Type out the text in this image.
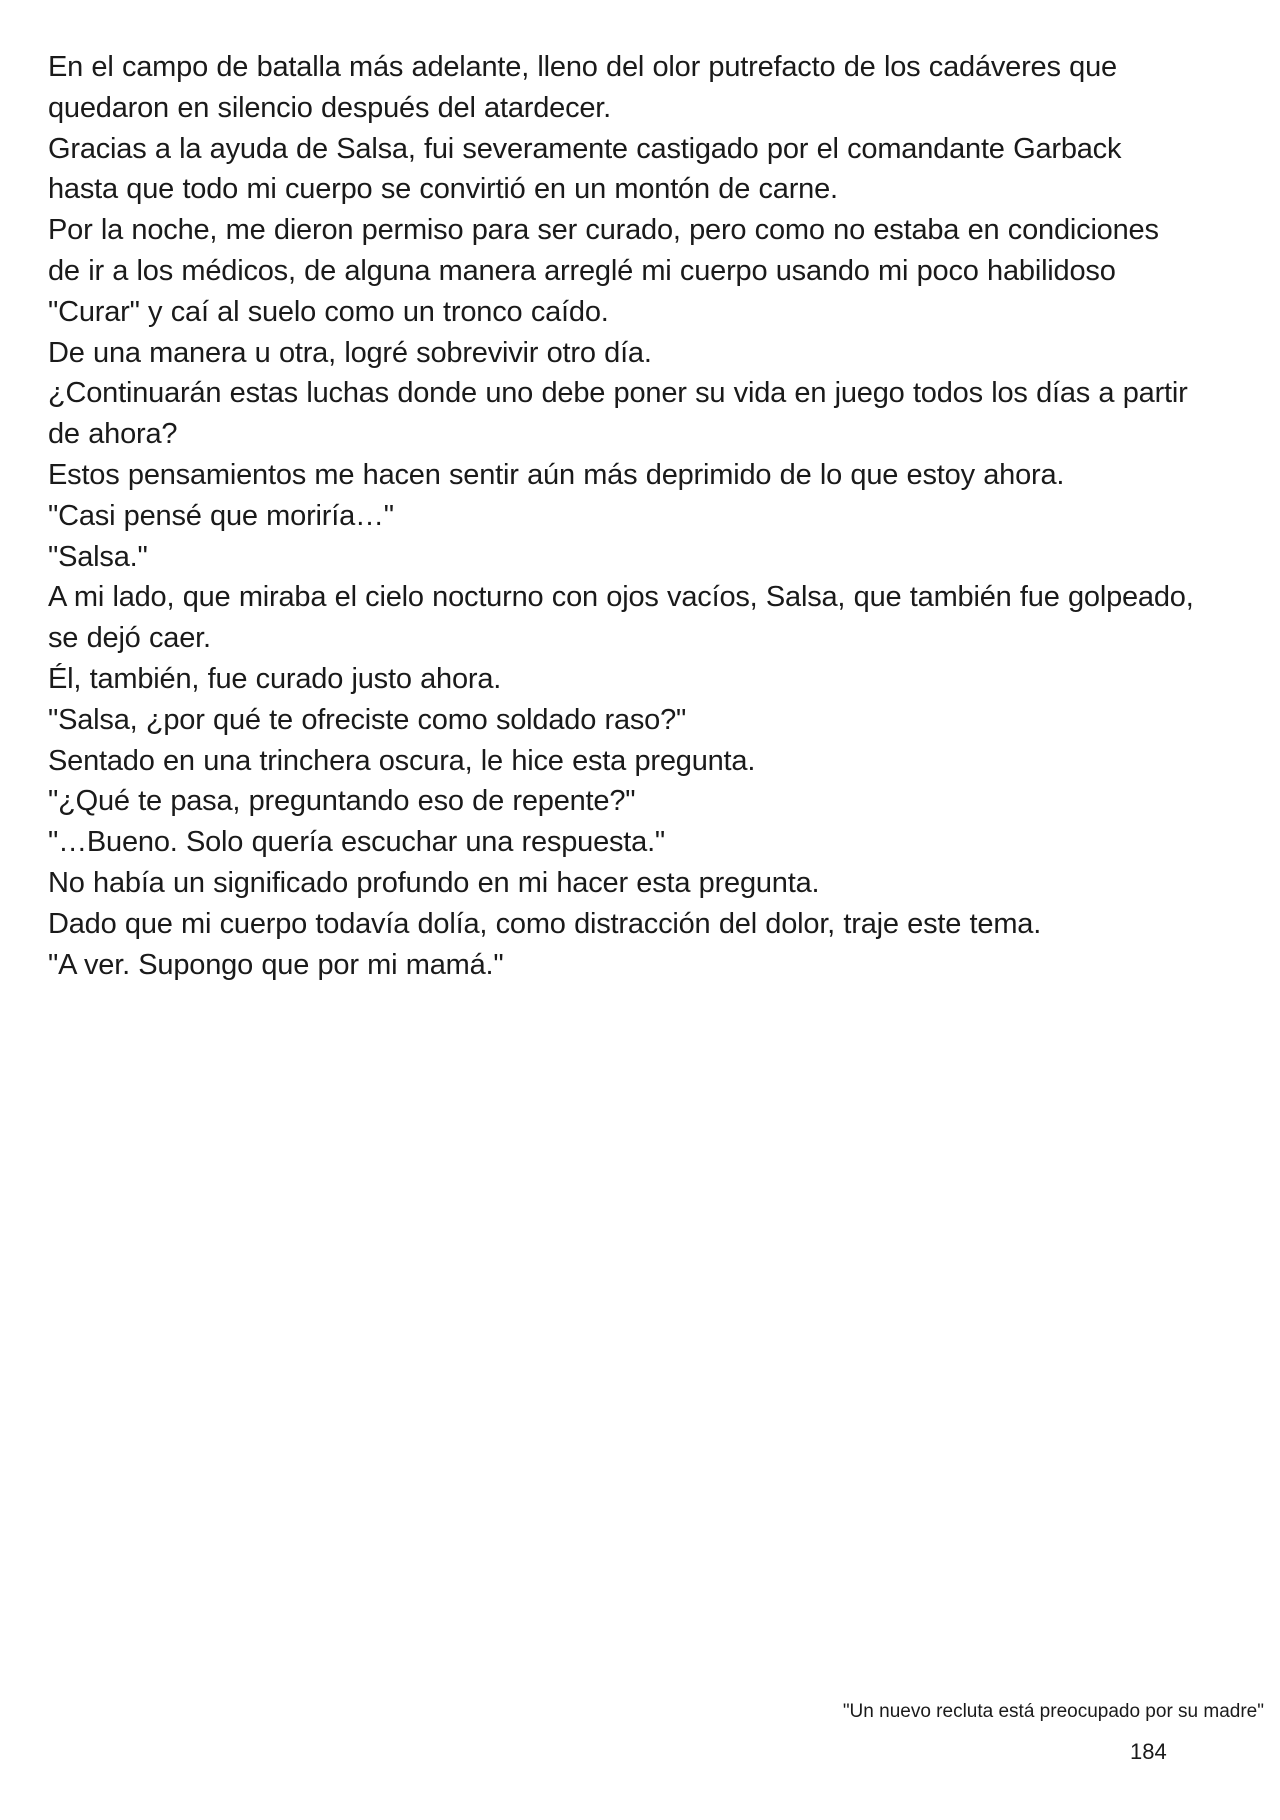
En el campo de batalla más adelante, lleno del olor putrefacto de los cadáveres que quedaron en silencio después del atardecer.

Gracias a la ayuda de Salsa, fui severamente castigado por el comandante Garback hasta que todo mi cuerpo se convirtió en un montón de carne.

Por la noche, me dieron permiso para ser curado, pero como no estaba en condiciones de ir a los médicos, de alguna manera arreglé mi cuerpo usando mi poco habilidoso "Curar" y caí al suelo como un tronco caído.

De una manera u otra, logré sobrevivir otro día.

¿Continuarán estas luchas donde uno debe poner su vida en juego todos los días a partir de ahora?

Estos pensamientos me hacen sentir aún más deprimido de lo que estoy ahora.

"Casi pensé que moriría…"

"Salsa."

A mi lado, que miraba el cielo nocturno con ojos vacíos, Salsa, que también fue golpeado, se dejó caer.

Él, también, fue curado justo ahora.

"Salsa, ¿por qué te ofreciste como soldado raso?"

Sentado en una trinchera oscura, le hice esta pregunta.

"¿Qué te pasa, preguntando eso de repente?"

"…Bueno. Solo quería escuchar una respuesta."

No había un significado profundo en mi hacer esta pregunta.

Dado que mi cuerpo todavía dolía, como distracción del dolor, traje este tema.

"A ver. Supongo que por mi mamá."

"Un nuevo recluta está preocupado por su madre"
184
